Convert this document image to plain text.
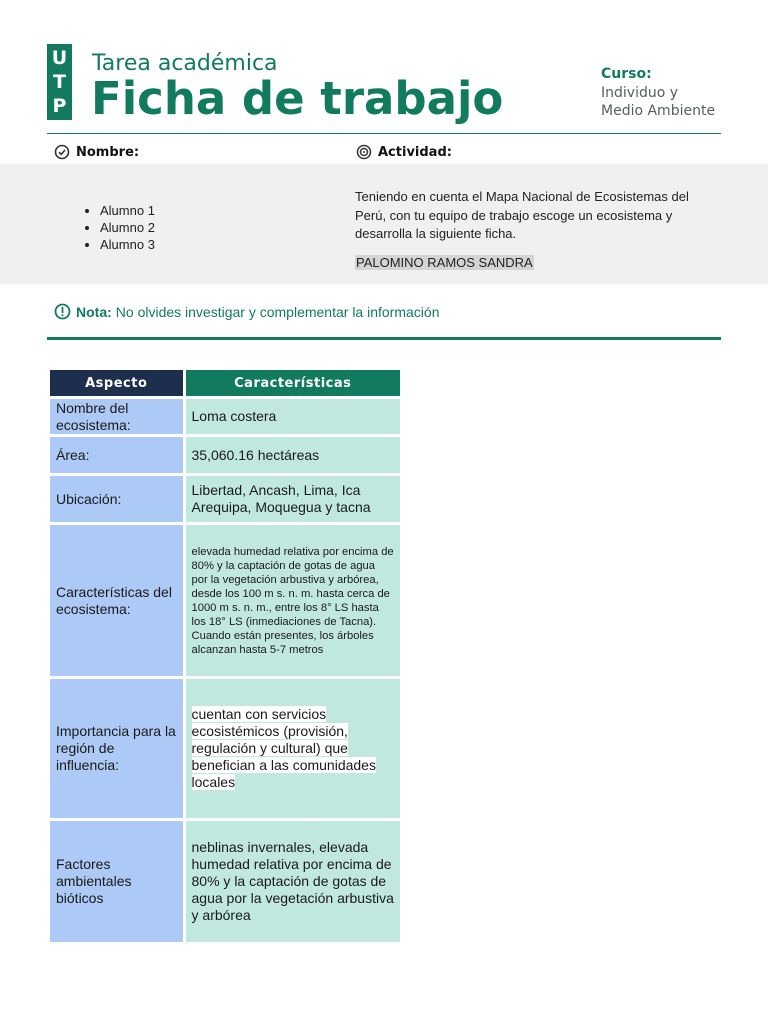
U
T
P
Tarea académica
Ficha de trabajo	Curso:
Individuo y
Medio Ambiente
Nombre:	Actividad:
• Alumno 1
• Alumno 2
• Alumno 3
Teniendo en cuenta el Mapa Nacional de Ecosistemas del Perú, con tu equipo de trabajo escoge un ecosistema y desarrolla la siguiente ficha.
PALOMINO RAMOS SANDRA
Nota: No olvides investigar y complementar la información
Aspecto	Características
Nombre del ecosistema:	Loma costera
Área:	35,060.16 hectáreas
Ubicación:	Libertad, Ancash, Lima, Ica Arequipa, Moquegua y tacna
Características del ecosistema:	elevada humedad relativa por encima de 80% y la captación de gotas de agua por la vegetación arbustiva y arbórea, desde los 100 m s. n. m. hasta cerca de 1000 m s. n. m., entre los 8° LS hasta los 18° LS (inmediaciones de Tacna). Cuando están presentes, los árboles alcanzan hasta 5-7 metros
Importancia para la región de influencia:	cuentan con servicios ecosistémicos (provisión, regulación y cultural) que benefician a las comunidades locales
Factores ambientales bióticos	neblinas invernales, elevada humedad relativa por encima de 80% y la captación de gotas de agua por la vegetación arbustiva y arbórea
